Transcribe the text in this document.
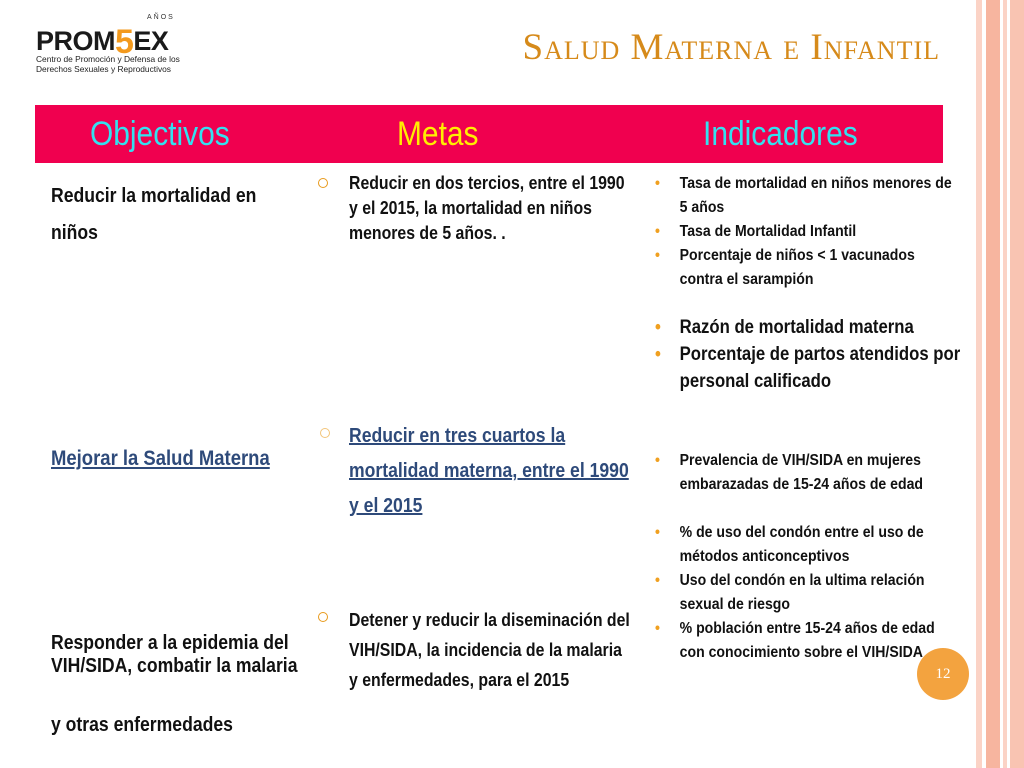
AÑOS
PROM5EX
Centro de Promoción y Defensa de los
Derechos Sexuales y Reproductivos
Salud Materna e Infantil
Objectivos	Metas	Indicadores
Reducir la mortalidad en niños
Mejorar la Salud Materna
Responder a la epidemia del VIH/SIDA, combatir la malaria
y otras enfermedades
Reducir en dos tercios, entre el 1990 y el 2015, la mortalidad en niños menores de 5 años. .
Reducir en tres cuartos la mortalidad materna, entre el 1990 y el 2015
Detener y reducir la diseminación del VIH/SIDA, la incidencia de la malaria y enfermedades, para el 2015
• Tasa de mortalidad en niños menores de 5 años
• Tasa de Mortalidad Infantil
• Porcentaje de niños < 1 vacunados contra el sarampión
• Razón de mortalidad materna
• Porcentaje de partos atendidos por personal calificado
• Prevalencia de VIH/SIDA en mujeres embarazadas de 15-24 años de edad
• % de uso del condón entre el uso de métodos anticonceptivos
• Uso del condón en la ultima relación sexual de riesgo
• % población entre 15-24 años de edad con conocimiento sobre el VIH/SIDA
12
